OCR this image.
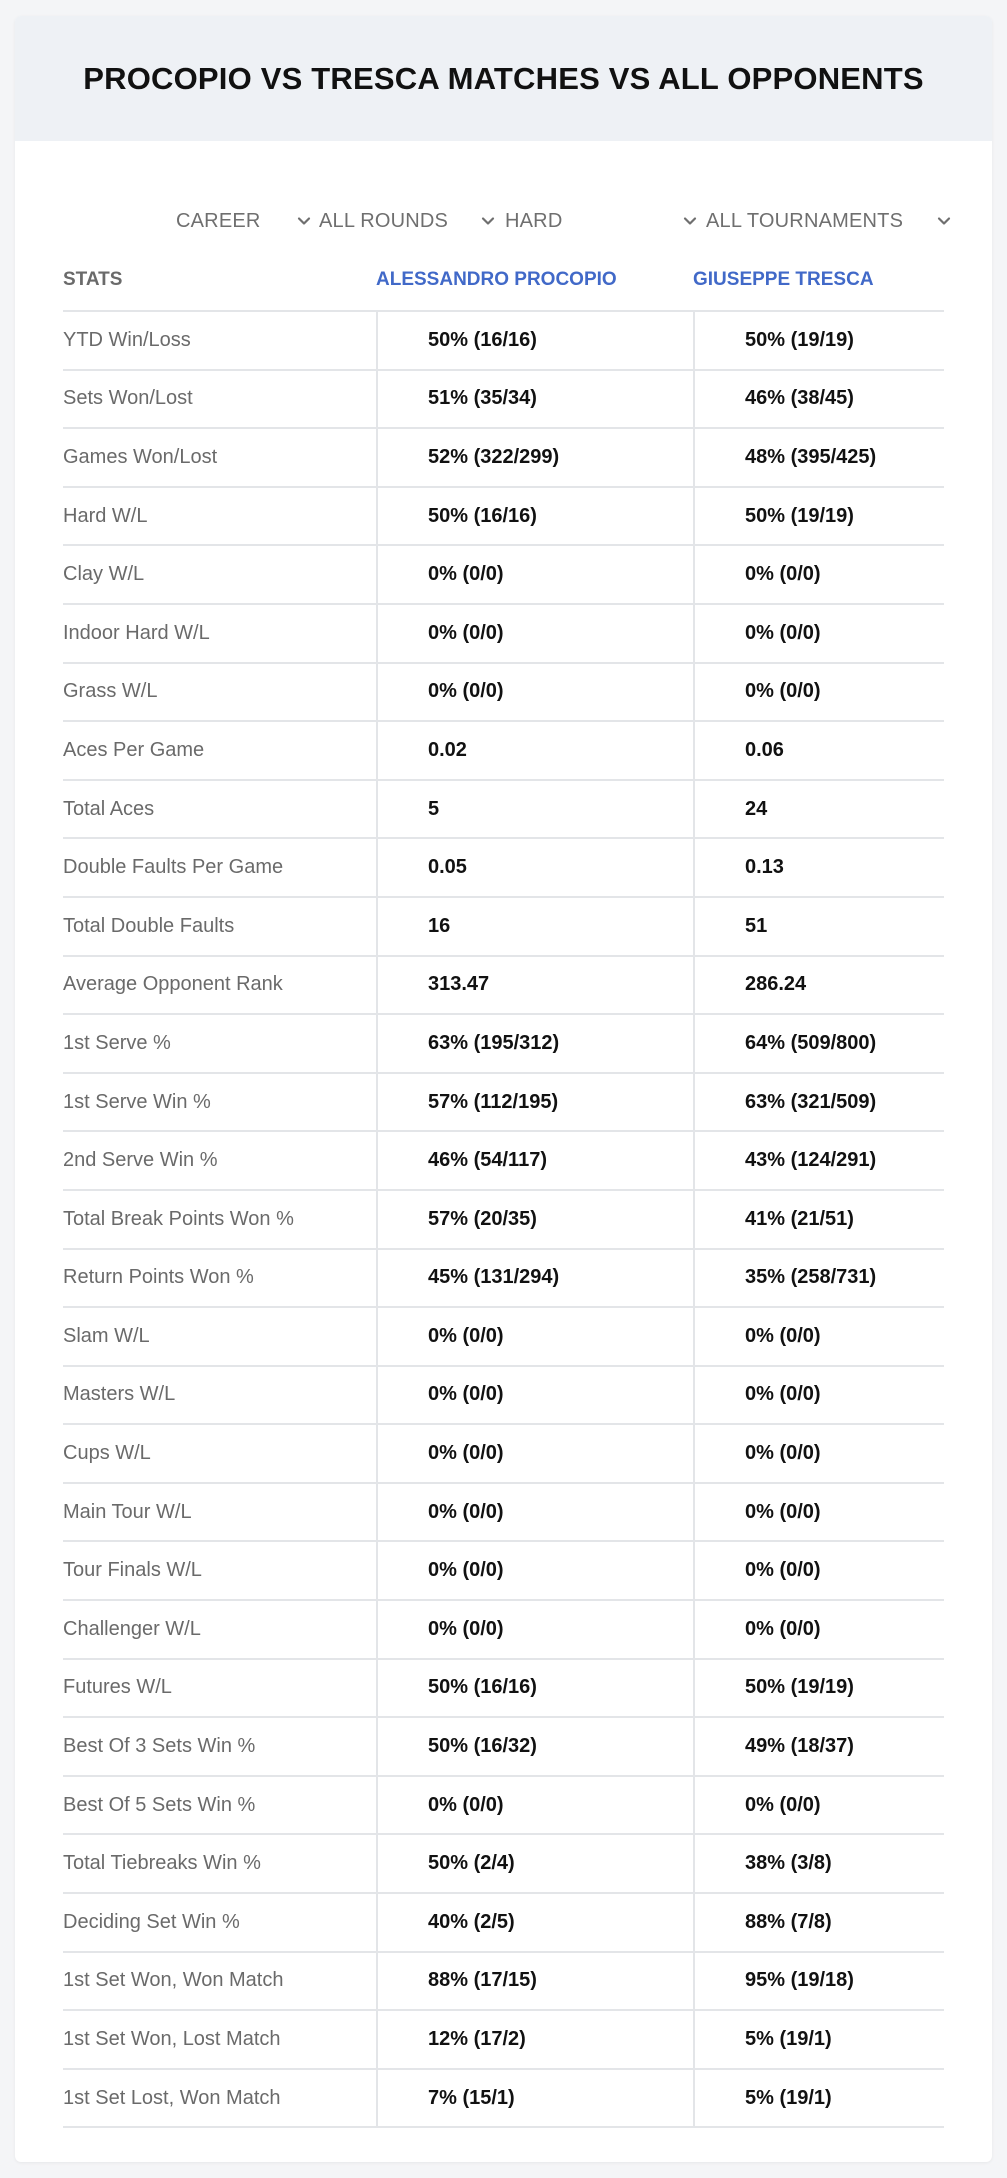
PROCOPIO VS TRESCA MATCHES VS ALL OPPONENTS
CAREER	ALL ROUNDS	HARD	ALL TOURNAMENTS
STATS	ALESSANDRO PROCOPIO	GIUSEPPE TRESCA
YTD Win/Loss	50% (16/16)	50% (19/19)
Sets Won/Lost	51% (35/34)	46% (38/45)
Games Won/Lost	52% (322/299)	48% (395/425)
Hard W/L	50% (16/16)	50% (19/19)
Clay W/L	0% (0/0)	0% (0/0)
Indoor Hard W/L	0% (0/0)	0% (0/0)
Grass W/L	0% (0/0)	0% (0/0)
Aces Per Game	0.02	0.06
Total Aces	5	24
Double Faults Per Game	0.05	0.13
Total Double Faults	16	51
Average Opponent Rank	313.47	286.24
1st Serve %	63% (195/312)	64% (509/800)
1st Serve Win %	57% (112/195)	63% (321/509)
2nd Serve Win %	46% (54/117)	43% (124/291)
Total Break Points Won %	57% (20/35)	41% (21/51)
Return Points Won %	45% (131/294)	35% (258/731)
Slam W/L	0% (0/0)	0% (0/0)
Masters W/L	0% (0/0)	0% (0/0)
Cups W/L	0% (0/0)	0% (0/0)
Main Tour W/L	0% (0/0)	0% (0/0)
Tour Finals W/L	0% (0/0)	0% (0/0)
Challenger W/L	0% (0/0)	0% (0/0)
Futures W/L	50% (16/16)	50% (19/19)
Best Of 3 Sets Win %	50% (16/32)	49% (18/37)
Best Of 5 Sets Win %	0% (0/0)	0% (0/0)
Total Tiebreaks Win %	50% (2/4)	38% (3/8)
Deciding Set Win %	40% (2/5)	88% (7/8)
1st Set Won, Won Match	88% (17/15)	95% (19/18)
1st Set Won, Lost Match	12% (17/2)	5% (19/1)
1st Set Lost, Won Match	7% (15/1)	5% (19/1)
